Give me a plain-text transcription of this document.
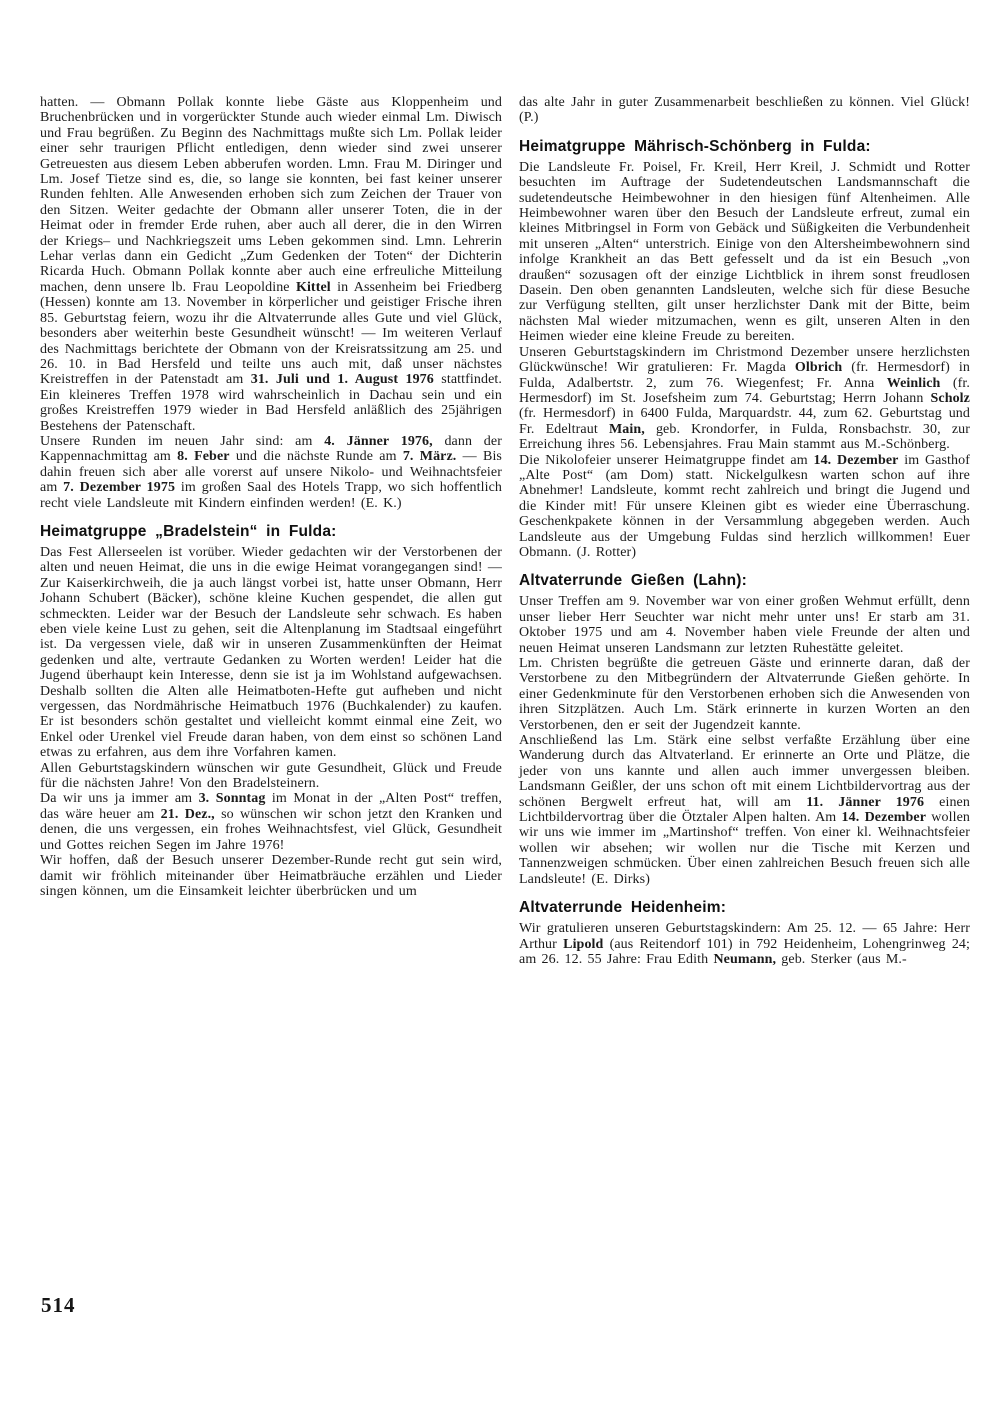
hatten. — Obmann Pollak konnte liebe Gäste aus Kloppenheim und Bruchenbrücken und in vorgerückter Stunde auch wieder einmal Lm. Diwisch und Frau begrüßen. Zu Beginn des Nachmittags mußte sich Lm. Pollak leider einer sehr traurigen Pflicht entledigen, denn wieder sind zwei unserer Getreuesten aus diesem Leben abberufen worden. Lmn. Frau M. Diringer und Lm. Josef Tietze sind es, die, so lange sie konnten, bei fast keiner unserer Runden fehlten. Alle Anwesenden erhoben sich zum Zeichen der Trauer von den Sitzen. Weiter gedachte der Obmann aller unserer Toten, die in der Heimat oder in fremder Erde ruhen, aber auch all derer, die in den Wirren der Kriegs– und Nachkriegszeit ums Leben gekommen sind. Lmn. Lehrerin Lehar verlas dann ein Gedicht „Zum Gedenken der Toten“ der Dichterin Ricarda Huch. Obmann Pollak konnte aber auch eine erfreuliche Mitteilung machen, denn unsere lb. Frau Leopoldine Kittel in Assenheim bei Friedberg (Hessen) konnte am 13. November in körperlicher und geistiger Frische ihren 85. Geburtstag feiern, wozu ihr die Altvaterrunde alles Gute und viel Glück, besonders aber weiterhin beste Gesundheit wünscht! — Im weiteren Verlauf des Nachmittags berichtete der Obmann von der Kreisratssitzung am 25. und 26. 10. in Bad Hersfeld und teilte uns auch mit, daß unser nächstes Kreistreffen in der Patenstadt am 31. Juli und 1. August 1976 stattfindet. Ein kleineres Treffen 1978 wird wahrscheinlich in Dachau sein und ein großes Kreistreffen 1979 wieder in Bad Hersfeld anläßlich des 25jährigen Bestehens der Patenschaft.

Unsere Runden im neuen Jahr sind: am 4. Jänner 1976, dann der Kappennachmittag am 8. Feber und die nächste Runde am 7. März. — Bis dahin freuen sich aber alle vorerst auf unsere Nikolo- und Weihnachtsfeier am 7. Dezember 1975 im großen Saal des Hotels Trapp, wo sich hoffentlich recht viele Landsleute mit Kindern einfinden werden! (E. K.)

Heimatgruppe „Bradelstein“ in Fulda:

Das Fest Allerseelen ist vorüber. Wieder gedachten wir der Verstorbenen der alten und neuen Heimat, die uns in die ewige Heimat vorangegangen sind! — Zur Kaiserkirchweih, die ja auch längst vorbei ist, hatte unser Obmann, Herr Johann Schubert (Bäcker), schöne kleine Kuchen gespendet, die allen gut schmeckten. Leider war der Besuch der Landsleute sehr schwach. Es haben eben viele keine Lust zu gehen, seit die Altenplanung im Stadtsaal eingeführt ist. Da vergessen viele, daß wir in unseren Zusammenkünften der Heimat gedenken und alte, vertraute Gedanken zu Worten werden! Leider hat die Jugend überhaupt kein Interesse, denn sie ist ja im Wohlstand aufgewachsen. Deshalb sollten die Alten alle Heimatboten-Hefte gut aufheben und nicht vergessen, das Nordmährische Heimatbuch 1976 (Buchkalender) zu kaufen. Er ist besonders schön gestaltet und vielleicht kommt einmal eine Zeit, wo Enkel oder Urenkel viel Freude daran haben, von dem einst so schönen Land etwas zu erfahren, aus dem ihre Vorfahren kamen.

Allen Geburtstagskindern wünschen wir gute Gesundheit, Glück und Freude für die nächsten Jahre! Von den Bradelsteinern.

Da wir uns ja immer am 3. Sonntag im Monat in der „Alten Post“ treffen, das wäre heuer am 21. Dez., so wünschen wir schon jetzt den Kranken und denen, die uns vergessen, ein frohes Weihnachtsfest, viel Glück, Gesundheit und Gottes reichen Segen im Jahre 1976!

Wir hoffen, daß der Besuch unserer Dezember-Runde recht gut sein wird, damit wir fröhlich miteinander über Heimatbräuche erzählen und Lieder singen können, um die Einsamkeit leichter überbrücken und um

das alte Jahr in guter Zusammenarbeit beschließen zu können. Viel Glück! (P.)

Heimatgruppe Mährisch-Schönberg in Fulda:

Die Landsleute Fr. Poisel, Fr. Kreil, Herr Kreil, J. Schmidt und Rotter besuchten im Auftrage der Sudetendeutschen Landsmannschaft die sudetendeutsche Heimbewohner in den hiesigen fünf Altenheimen. Alle Heimbewohner waren über den Besuch der Landsleute erfreut, zumal ein kleines Mitbringsel in Form von Gebäck und Süßigkeiten die Verbundenheit mit unseren „Alten“ unterstrich. Einige von den Altersheimbewohnern sind infolge Krankheit an das Bett gefesselt und da ist ein Besuch „von draußen“ sozusagen oft der einzige Lichtblick in ihrem sonst freudlosen Dasein. Den oben genannten Landsleuten, welche sich für diese Besuche zur Verfügung stellten, gilt unser herzlichster Dank mit der Bitte, beim nächsten Mal wieder mitzumachen, wenn es gilt, unseren Alten in den Heimen wieder eine kleine Freude zu bereiten.

Unseren Geburtstagskindern im Christmond Dezember unsere herzlichsten Glückwünsche! Wir gratulieren: Fr. Magda Olbrich (fr. Hermesdorf) in Fulda, Adalbertstr. 2, zum 76. Wiegenfest; Fr. Anna Weinlich (fr. Hermesdorf) im St. Josefsheim zum 74. Geburtstag; Herrn Johann Scholz (fr. Hermesdorf) in 6400 Fulda, Marquardstr. 44, zum 62. Geburtstag und Fr. Edeltraut Main, geb. Krondorfer, in Fulda, Ronsbachstr. 30, zur Erreichung ihres 56. Lebensjahres. Frau Main stammt aus M.-Schönberg.

Die Nikolofeier unserer Heimatgruppe findet am 14. Dezember im Gasthof „Alte Post“ (am Dom) statt. Nickelgulkesn warten schon auf ihre Abnehmer! Landsleute, kommt recht zahlreich und bringt die Jugend und die Kinder mit! Für unsere Kleinen gibt es wieder eine Überraschung. Geschenkpakete können in der Versammlung abgegeben werden. Auch Landsleute aus der Umgebung Fuldas sind herzlich willkommen! Euer Obmann. (J. Rotter)

Altvaterrunde Gießen (Lahn):

Unser Treffen am 9. November war von einer großen Wehmut erfüllt, denn unser lieber Herr Seuchter war nicht mehr unter uns! Er starb am 31. Oktober 1975 und am 4. November haben viele Freunde der alten und neuen Heimat unseren Landsmann zur letzten Ruhestätte geleitet.

Lm. Christen begrüßte die getreuen Gäste und erinnerte daran, daß der Verstorbene zu den Mitbegründern der Altvaterrunde Gießen gehörte. In einer Gedenkminute für den Verstorbenen erhoben sich die Anwesenden von ihren Sitzplätzen. Auch Lm. Stärk erinnerte in kurzen Worten an den Verstorbenen, den er seit der Jugendzeit kannte.

Anschließend las Lm. Stärk eine selbst verfaßte Erzählung über eine Wanderung durch das Altvaterland. Er erinnerte an Orte und Plätze, die jeder von uns kannte und allen auch immer unvergessen bleiben. Landsmann Geißler, der uns schon oft mit einem Lichtbildervortrag aus der schönen Bergwelt erfreut hat, will am 11. Jänner 1976 einen Lichtbildervortrag über die Ötztaler Alpen halten. Am 14. Dezember wollen wir uns wie immer im „Martinshof“ treffen. Von einer kl. Weihnachtsfeier wollen wir absehen; wir wollen nur die Tische mit Kerzen und Tannenzweigen schmücken. Über einen zahlreichen Besuch freuen sich alle Landsleute! (E. Dirks)

Altvaterrunde Heidenheim:

Wir gratulieren unseren Geburtstagskindern: Am 25. 12. — 65 Jahre: Herr Arthur Lipold (aus Reitendorf 101) in 792 Heidenheim, Lohengrinweg 24; am 26. 12. 55 Jahre: Frau Edith Neumann, geb. Sterker (aus M.-

514
